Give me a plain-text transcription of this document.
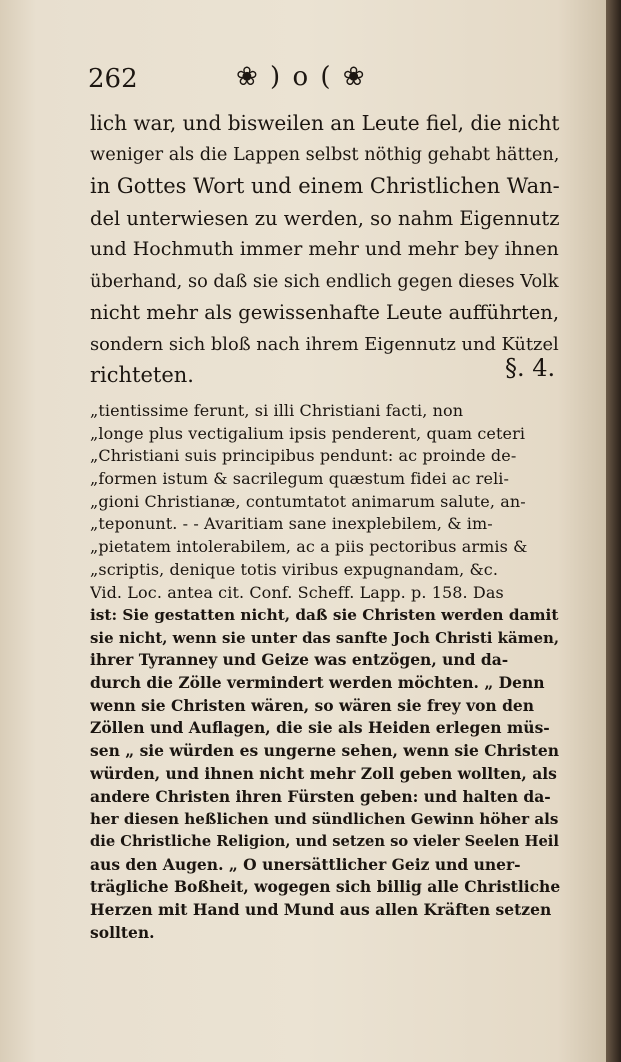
262	❀ ) o ( ❀
lich war, und bisweilen an Leute fiel, die nicht
weniger als die Lappen selbst nöthig gehabt hätten,
in Gottes Wort und einem Christlichen Wan-
del unterwiesen zu werden, so nahm Eigennutz
und Hochmuth immer mehr und mehr bey ihnen
überhand, so daß sie sich endlich gegen dieses Volk
nicht mehr als gewissenhafte Leute aufführten,
sondern sich bloß nach ihrem Eigennutz und Kützel
richteten.	§. 4.
„tientissime ferunt, si illi Christiani facti, non
„longe plus vectigalium ipsis penderent, quam ceteri
„Christiani suis principibus pendunt: ac proinde de-
„formen istum & sacrilegum quæstum fidei ac reli-
„gioni Christianæ, contumtatot animarum salute, an-
„teponunt. - - Avaritiam sane inexplebilem, & im-
„pietatem intolerabilem, ac a piis pectoribus armis &
„scriptis, denique totis viribus expugnandam, &c.
Vid. Loc. antea cit. Conf. Scheff. Lapp. p. 158. Das
ist: Sie gestatten nicht, daß sie Christen werden damit
sie nicht, wenn sie unter das sanfte Joch Christi kämen,
ihrer Tyranney und Geize was entzögen, und da-
durch die Zölle vermindert werden möchten. „ Denn
wenn sie Christen wären, so wären sie frey von den
Zöllen und Auflagen, die sie als Heiden erlegen müs-
sen „ sie würden es ungerne sehen, wenn sie Christen
würden, und ihnen nicht mehr Zoll geben wollten, als
andere Christen ihren Fürsten geben: und halten da-
her diesen heßlichen und sündlichen Gewinn höher als
die Christliche Religion, und setzen so vieler Seelen Heil
aus den Augen. „ O unersättlicher Geiz und uner-
trägliche Boßheit, wogegen sich billig alle Christliche
Herzen mit Hand und Mund aus allen Kräften setzen
sollten.
